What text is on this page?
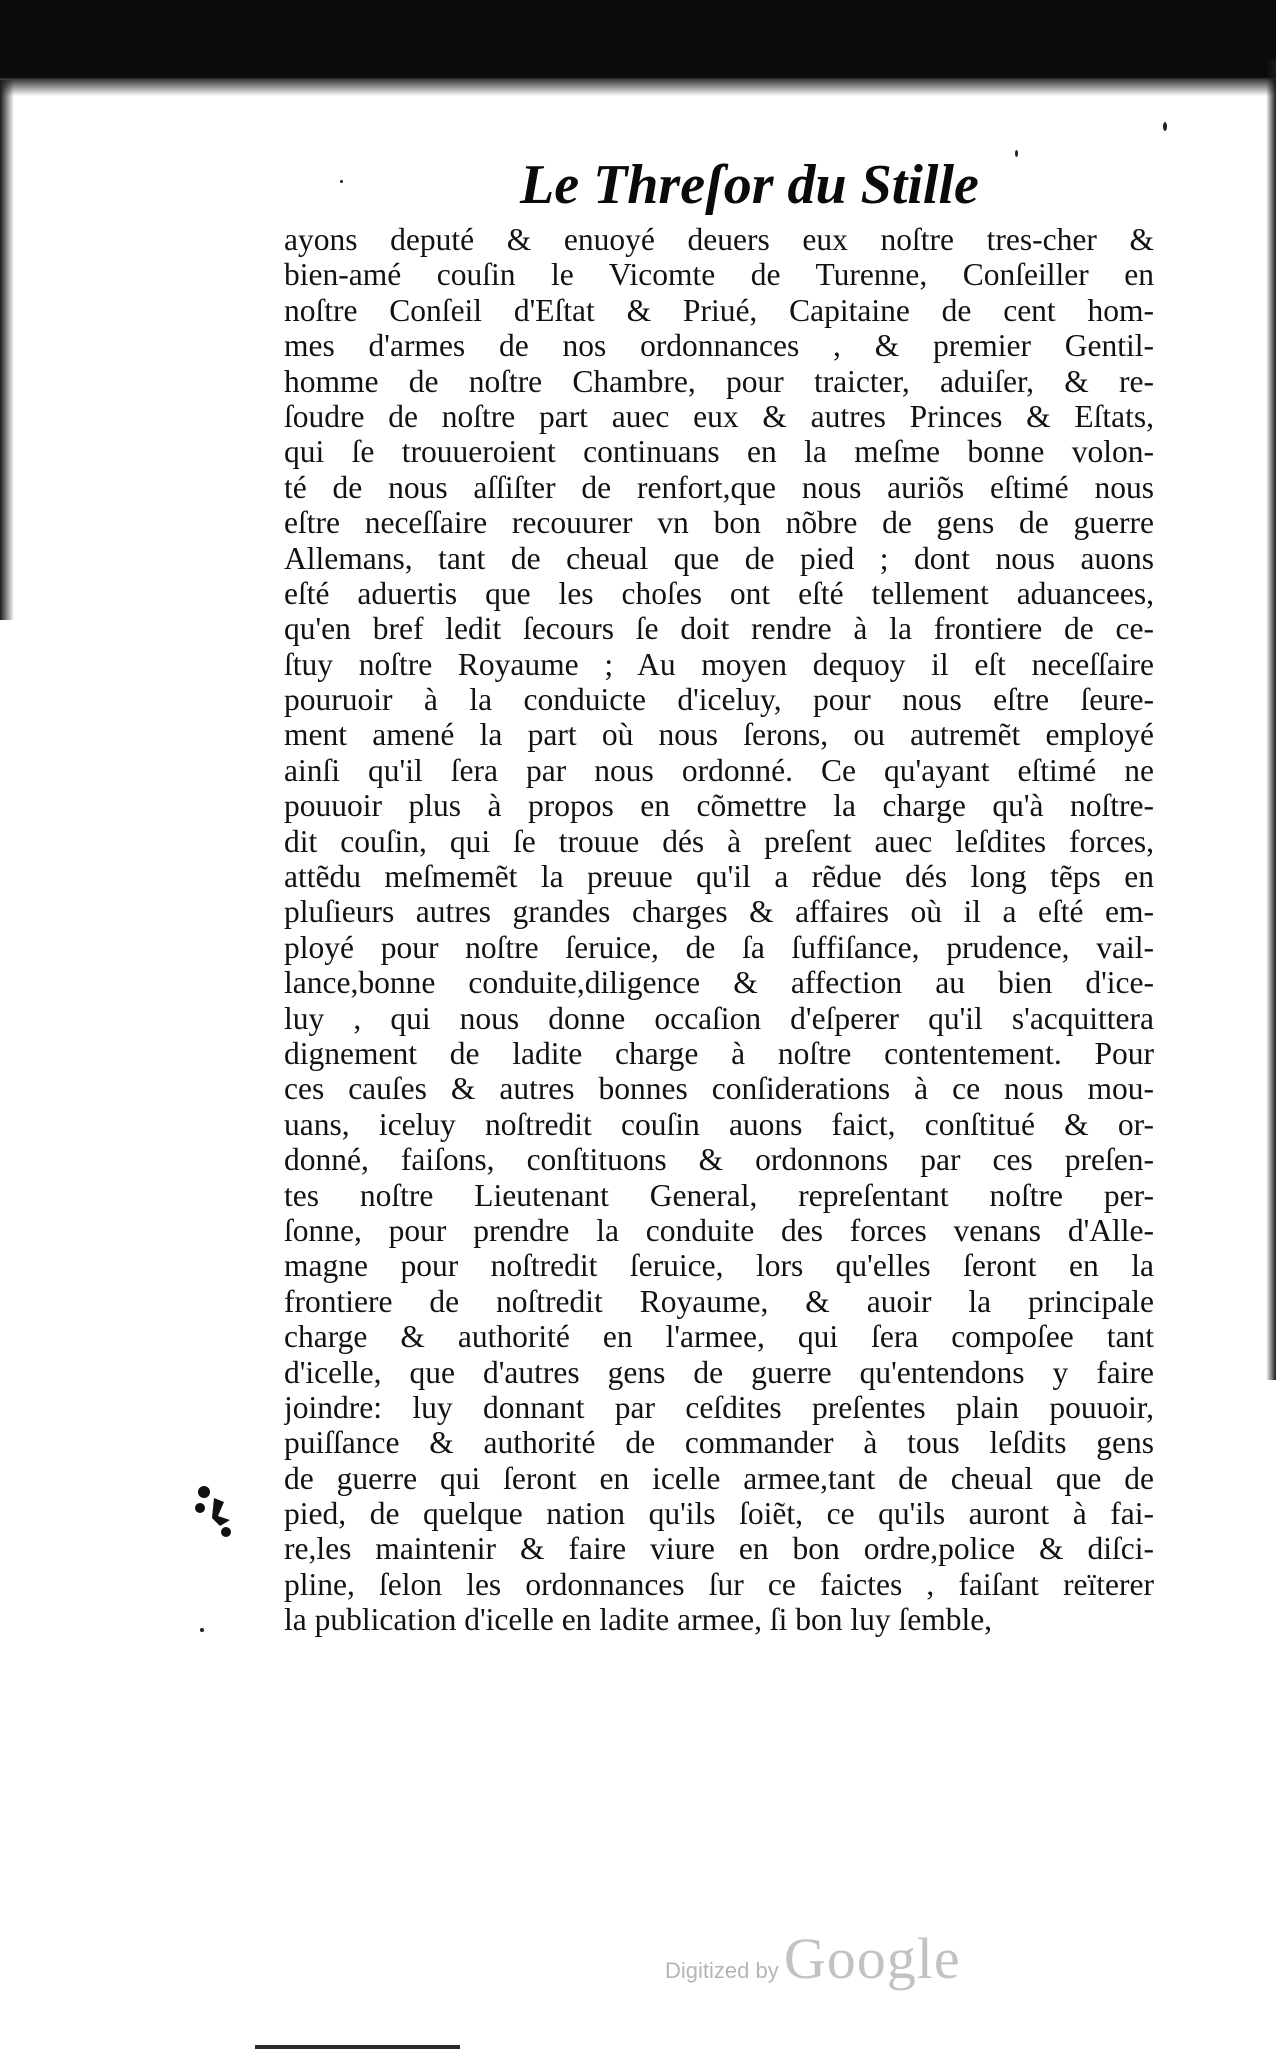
Le Threſor du Stille
ayons deputé & enuoyé deuers eux noſtre tres-cher &
bien-amé couſin le Vicomte de Turenne, Conſeiller en
noſtre Conſeil d'Eſtat & Priué, Capitaine de cent hom-
mes d'armes de nos ordonnances , & premier Gentil-
homme de noſtre Chambre, pour traicter, aduiſer, & re-
ſoudre de noſtre part auec eux & autres Princes & Eſtats,
qui ſe trouueroient continuans en la meſme bonne volon-
té de nous aſſiſter de renfort,que nous auriõs eſtimé nous
eſtre neceſſaire recouurer vn bon nõbre de gens de guerre
Allemans, tant de cheual que de pied ; dont nous auons
eſté aduertis que les choſes ont eſté tellement aduancees,
qu'en bref ledit ſecours ſe doit rendre à la frontiere de ce-
ſtuy noſtre Royaume ; Au moyen dequoy il eſt neceſſaire
pouruoir à la conduicte d'iceluy, pour nous eſtre ſeure-
ment amené la part où nous ſerons, ou autremẽt employé
ainſi qu'il ſera par nous ordonné. Ce qu'ayant eſtimé ne
pouuoir plus à propos en cõmettre la charge qu'à noſtre-
dit couſin, qui ſe trouue dés à preſent auec leſdites forces,
attẽdu meſmemẽt la preuue qu'il a rẽdue dés long tẽps en
pluſieurs autres grandes charges & affaires où il a eſté em-
ployé pour noſtre ſeruice, de ſa ſuffiſance, prudence, vail-
lance,bonne conduite,diligence & affection au bien d'ice-
luy , qui nous donne occaſion d'eſperer qu'il s'acquittera
dignement de ladite charge à noſtre contentement. Pour
ces cauſes & autres bonnes conſiderations à ce nous mou-
uans, iceluy noſtredit couſin auons faict, conſtitué & or-
donné, faiſons, conſtituons & ordonnons par ces preſen-
tes noſtre Lieutenant General, repreſentant noſtre per-
ſonne, pour prendre la conduite des forces venans d'Alle-
magne pour noſtredit ſeruice, lors qu'elles ſeront en la
frontiere de noſtredit Royaume, & auoir la principale
charge & authorité en l'armee, qui ſera compoſee tant
d'icelle, que d'autres gens de guerre qu'entendons y faire
joindre: luy donnant par ceſdites preſentes plain pouuoir,
puiſſance & authorité de commander à tous leſdits gens
de guerre qui ſeront en icelle armee,tant de cheual que de
pied, de quelque nation qu'ils ſoiẽt, ce qu'ils auront à fai-
re,les maintenir & faire viure en bon ordre,police & diſci-
pline, ſelon les ordonnances ſur ce faictes , faiſant reïterer
la publication d'icelle en ladite armee, ſi bon luy ſemble,
Digitized by Google
